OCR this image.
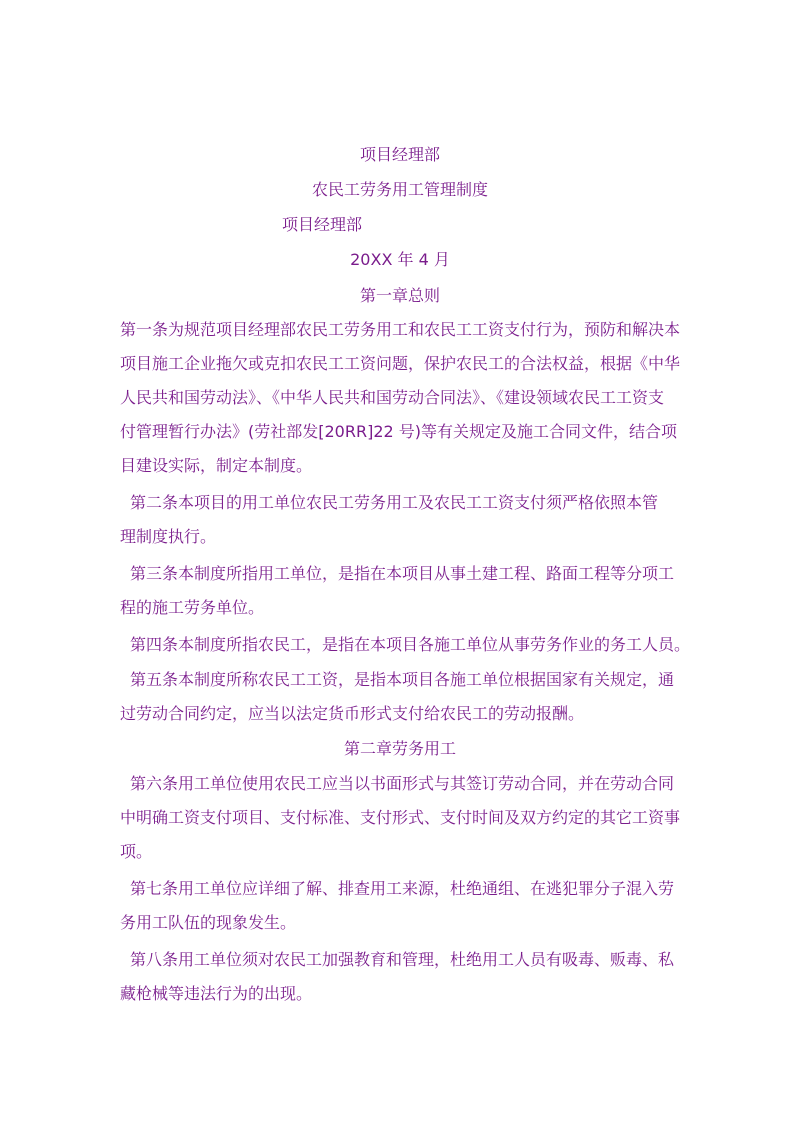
项目经理部
农民工劳务用工管理制度
项目经理部
20XX 年 4 月
第一章总则
第一条为规范项目经理部农民工劳务用工和农民工工资支付行为，预防和解决本
项目施工企业拖欠或克扣农民工工资问题，保护农民工的合法权益，根据《中华
人民共和国劳动法》、《中华人民共和国劳动合同法》、《建设领域农民工工资支
付管理暂行办法》(劳社部发[20RR]22 号)等有关规定及施工合同文件，结合项
目建设实际，制定本制度。
第二条本项目的用工单位农民工劳务用工及农民工工资支付须严格依照本管
理制度执行。
第三条本制度所指用工单位，是指在本项目从事土建工程、路面工程等分项工
程的施工劳务单位。
第四条本制度所指农民工，是指在本项目各施工单位从事劳务作业的务工人员。
第五条本制度所称农民工工资，是指本项目各施工单位根据国家有关规定，通
过劳动合同约定，应当以法定货币形式支付给农民工的劳动报酬。
第二章劳务用工
第六条用工单位使用农民工应当以书面形式与其签订劳动合同，并在劳动合同
中明确工资支付项目、支付标准、支付形式、支付时间及双方约定的其它工资事
项。
第七条用工单位应详细了解、排查用工来源，杜绝通组、在逃犯罪分子混入劳
务用工队伍的现象发生。
第八条用工单位须对农民工加强教育和管理，杜绝用工人员有吸毒、贩毒、私
藏枪械等违法行为的出现。
